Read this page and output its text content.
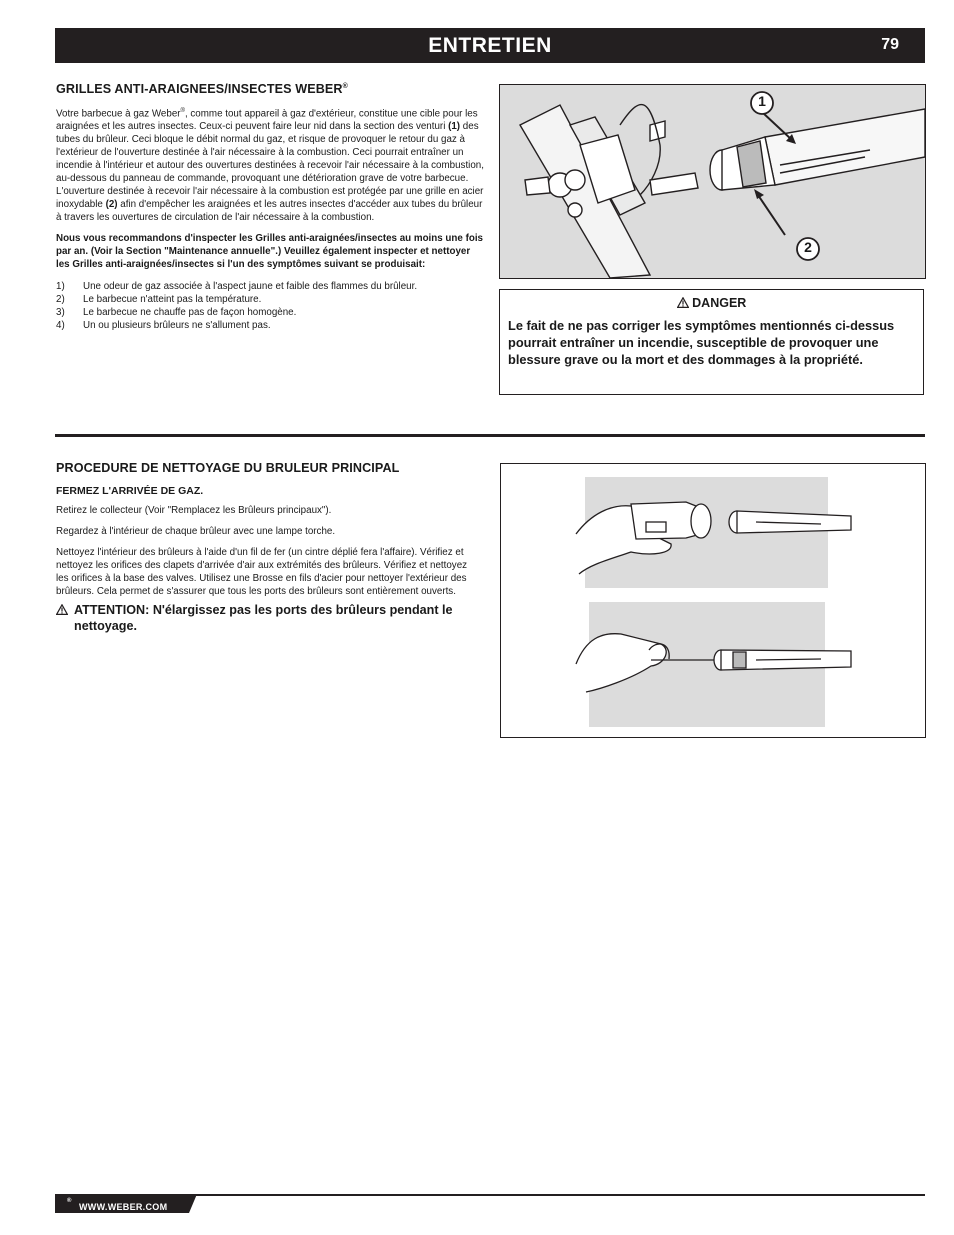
ENTRETIEN	79
GRILLES ANTI-ARAIGNEES/INSECTES WEBER®

Votre barbecue à gaz Weber®, comme tout appareil à gaz d'extérieur, constitue une cible pour les araignées et les autres insectes. Ceux-ci peuvent faire leur nid dans la section des venturi (1) des tubes du brûleur. Ceci bloque le débit normal du gaz, et risque de provoquer le retour du gaz à l'extérieur de l'ouverture destinée à l'air nécessaire à la combustion. Ceci pourrait entraîner un incendie à l'intérieur et autour des ouvertures destinées à recevoir l'air nécessaire à la combustion, au-dessous du panneau de commande, provoquant une détérioration grave de votre barbecue. L'ouverture destinée à recevoir l'air nécessaire à la combustion est protégée par une grille en acier inoxydable (2) afin d'empêcher les araignées et les autres insectes d'accéder aux tubes du brûleur à travers les ouvertures de circulation de l'air nécessaire à la combustion.

Nous vous recommandons d'inspecter les Grilles anti-araignées/insectes au moins une fois par an. (Voir la Section "Maintenance annuelle".) Veuillez également inspecter et nettoyer les Grilles anti-araignées/insectes si l'un des symptômes suivant se produisait:

1)	Une odeur de gaz associée à l'aspect jaune et faible des flammes du brûleur.
2)	Le barbecue n'atteint pas la température.
3)	Le barbecue ne chauffe pas de façon homogène.
4)	Un ou plusieurs brûleurs ne s'allument pas.
1
2
DANGER
Le fait de ne pas corriger les symptômes mentionnés ci-dessus pourrait entraîner un incendie, susceptible de provoquer une blessure grave ou la mort et des dommages à la propriété.
PROCEDURE DE NETTOYAGE DU BRULEUR PRINCIPAL

FERMEZ L'ARRIVÉE DE GAZ.

Retirez le collecteur (Voir "Remplacez les Brûleurs principaux").

Regardez à l'intérieur de chaque brûleur avec une lampe torche.

Nettoyez l'intérieur des brûleurs à l'aide d'un fil de fer (un cintre déplié fera l'affaire). Vérifiez et nettoyez les orifices des clapets d'arrivée d'air aux extrémités des brûleurs. Vérifiez et nettoyez les orifices à la base des valves. Utilisez une Brosse en fils d'acier pour nettoyer l'extérieur des brûleurs. Cela permet de s'assurer que tous les ports des brûleurs sont entièrement ouverts.

ATTENTION: N'élargissez pas les ports des brûleurs pendant le nettoyage.
WWW.WEBER.COM
®
